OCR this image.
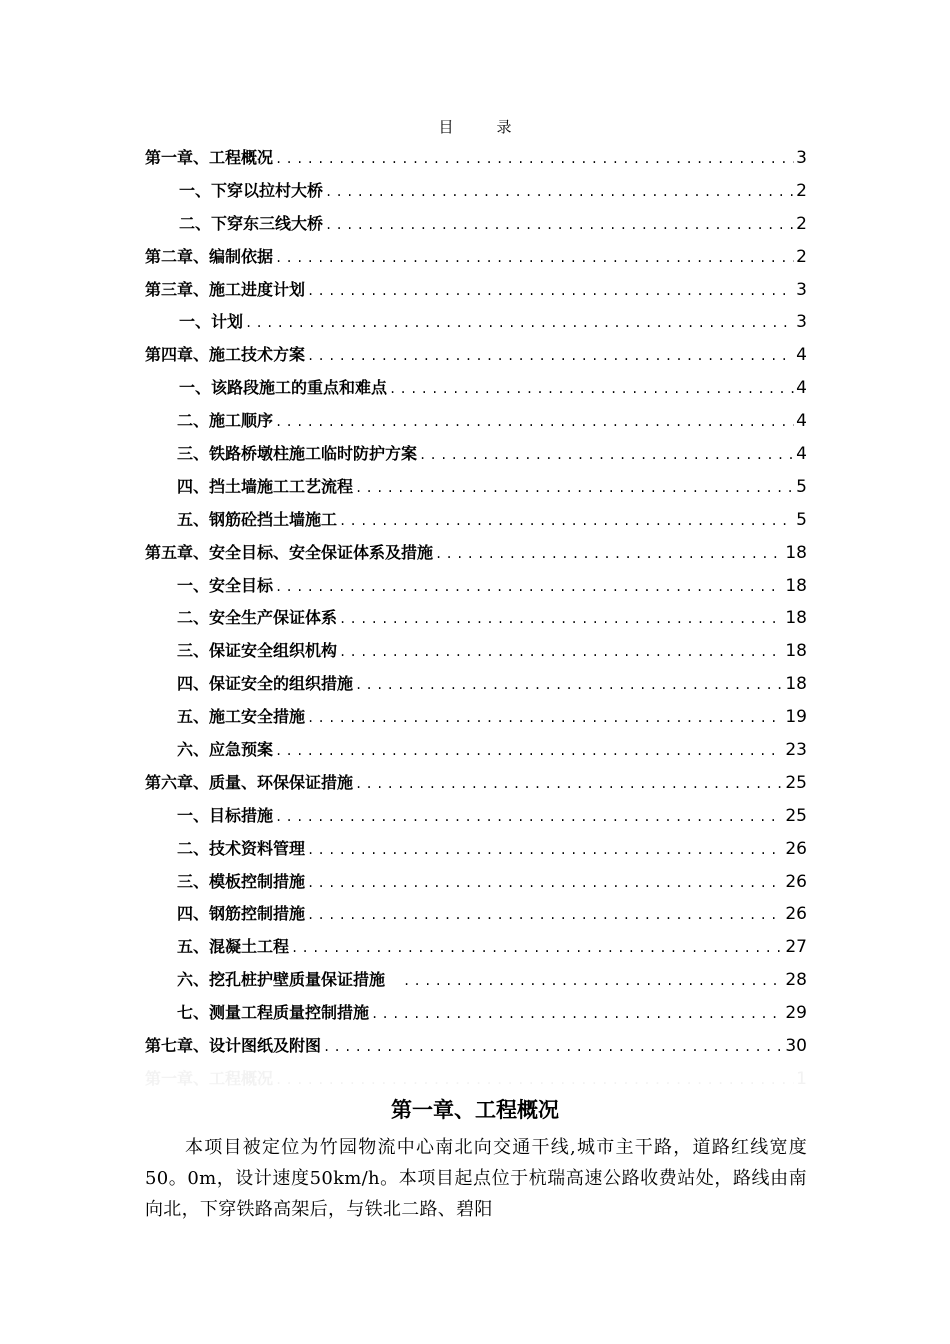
目　录
第一章、工程概况 .....	3
一、下穿以拉村大桥 .....	2
二、下穿东三线大桥 .....	2
第二章、编制依据 .....	2
第三章、施工进度计划 .....	3
一、计划 .....	3
第四章、施工技术方案 .....	4
一、该路段施工的重点和难点 .....	4
二、施工顺序 .....	4
三、铁路桥墩柱施工临时防护方案 .....	4
四、挡土墙施工工艺流程 .....	5
五、钢筋砼挡土墙施工 .....	5
第五章、安全目标、安全保证体系及措施 .....	18
一、安全目标 .....	18
二、安全生产保证体系 .....	18
三、保证安全组织机构 .....	18
四、保证安全的组织措施 .....	18
五、施工安全措施 .....	19
六、应急预案 .....	23
第六章、质量、环保保证措施 .....	25
一、目标措施 .....	25
二、技术资料管理 .....	26
三、模板控制措施 .....	26
四、钢筋控制措施 .....	26
五、混凝土工程 .....	27
六、挖孔桩护壁质量保证措施　 .....	28
七、测量工程质量控制措施 .....	29
第七章、设计图纸及附图 .....	30
第一章、工程概况 .....	1
第一章、工程概况
本项目被定位为竹园物流中心南北向交通干线,城市主干路，道路红线宽度50。0m，设计速度50km/h。本项目起点位于杭瑞高速公路收费站处，路线由南向北，下穿铁路高架后，与铁北二路、碧阳
